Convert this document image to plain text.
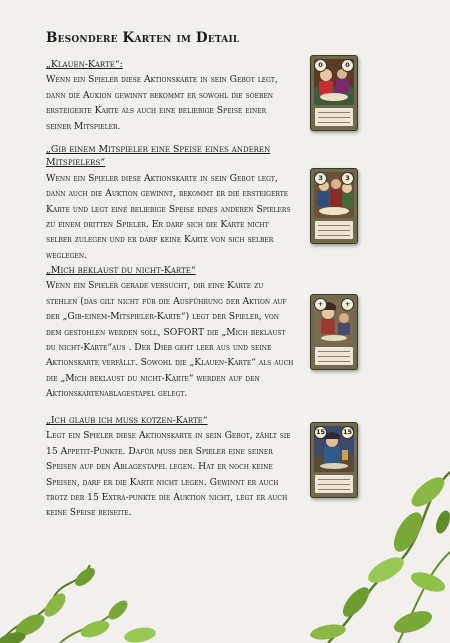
Besondere Karten im Detail

„Klauen-Karte“:

Wenn ein Spieler diese Aktionskarte in sein Gebot legt, dann die Aukion gewinnt bekommt er sowohl die soeben ersteigerte Karte als auch eine beliebige Speise einer seiner Mitspieler.

„Gib einem Mitspieler eine Speise eines anderen Mitspielers“

Wenn ein Spieler diese Aktionskarte in sein Gebot legt, dann auch die Auktion gewinnt, bekommt er die ersteigerte Karte und legt eine beliebige Speise eines anderen Spielers zu einem dritten Spieler. Er darf sich die Karte nicht selber zulegen und er darf keine Karte von sich selber weglegen.

„Mich beklaust du nicht-Karte“

Wenn ein Spieler gerade versucht, dir eine Karte zu stehlen (das gilt nicht für die Ausführung der Aktion auf der „Gib-einem-Mitspieler-Karte“) legt der Spieler, von dem gestohlen werden soll, SOFORT die „Mich beklaust du nicht-Karte“aus . Der Dieb geht leer aus und seine Aktionskarte verfällt. Sowohl die „Klauen-Karte“ als auch die „Mich beklaust du nicht-Karte“ werden auf den Aktionskartenablagestapel gelegt.

„Ich glaub ich muss kotzen-Karte“

Legt ein Spieler diese Aktionskarte in sein Gebot, zählt sie 15 Appetit-Punkte. Dafür muss der Spieler eine seiner Speisen auf den Ablagestapel legen. Hat er noch keine Speisen, darf er die Karte nicht legen. Gewinnt er auch trotz der 15 Extra-punkte die Auktion nicht, legt er auch keine Speise beiseite.

0	0
3	3
+	+
15	15
